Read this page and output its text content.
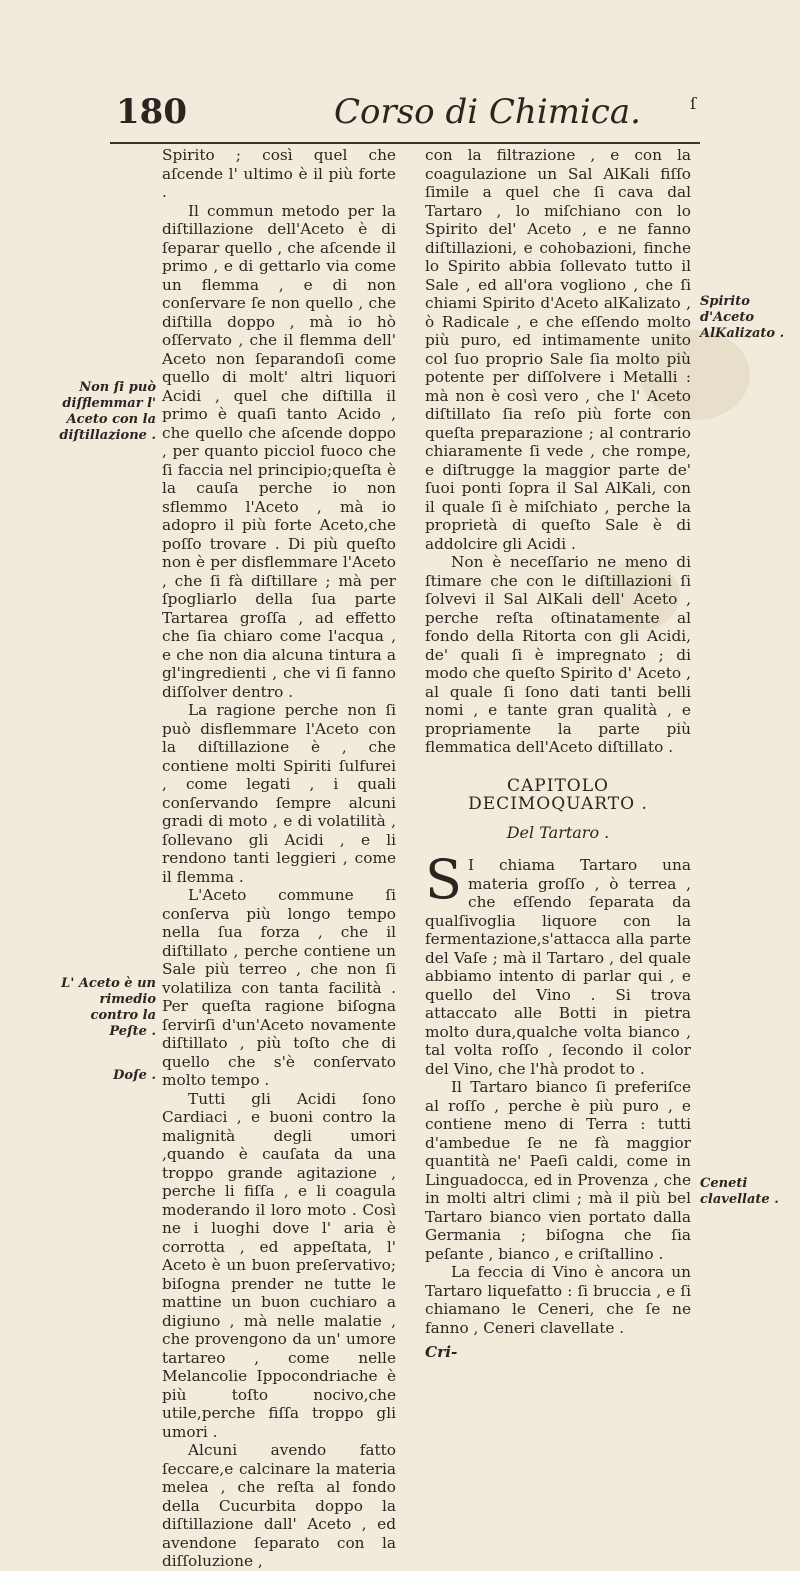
180	Corso di Chimica.	ſ

Spirito ; così quel che aſcende l' ultimo è il più forte .

Il commun metodo per la diſtillazione dell'Aceto è di ſeparar quello , che aſcende il primo , e di gettarlo via come un flemma , e di non conſervare ſe non quello , che diſtilla doppo , mà io hò oſſervato , che il flemma dell' Aceto non ſeparandoſi come quello di molt' altri liquori Acidi , quel che diſtilla il primo è quaſi tanto Acido , che quello che aſcende doppo , per quanto picciol fuoco che ſi faccia nel principio;queſta è la cauſa perche io non sflemmo l'Aceto , mà io adopro il più forte Aceto,che poſſo trovare . Di più queſto non è per disflemmare l'Aceto , che ſi fà diſtillare ; mà per ſpogliarlo della ſua parte Tartarea groſſa , ad effetto che ſia chiaro come l'acqua , e che non dia alcuna tintura a gl'ingredienti , che vi ſi fanno diſſolver dentro .

La ragione perche non ſi può disflemmare l'Aceto con la diſtillazione è , che contiene molti Spiriti ſulfurei , come legati , i quali conſervando ſempre alcuni gradi di moto , e di volatilità , ſollevano gli Acidi , e li rendono tanti leggieri , come il flemma .

L'Aceto commune ſi conſerva più longo tempo nella ſua forza , che il diſtillato , perche contiene un Sale più terreo , che non ſi volatiliza con tanta facilità . Per queſta ragione biſogna ſervirſi d'un'Aceto novamente diſtillato , più toſto che di quello che s'è conſervato molto tempo .

Tutti gli Acidi ſono Cardiaci , e buoni contro la malignità degli umori ,quando è cauſata da una troppo grande agitazione , perche li fiſſa , e li coagula moderando il loro moto . Così ne i luoghi dove l' aria è corrotta , ed appeſtata, l' Aceto è un buon preſervativo; biſogna prender ne tutte le mattine un buon cuchiaro a digiuno , mà nelle malatie , che provengono da un' umore tartareo , come nelle Melancolie Ippocondriache è più toſto nocivo,che utile,perche fiſſa troppo gli umori .

Alcuni avendo fatto ſeccare,e calcinare la materia melea , che reſta al fondo della Cucurbita doppo la diſtillazione dall' Aceto , ed avendone ſeparato con la diſſoluzione ,

Non ſi può diſflemmar l' Aceto con la diſtillazione .
L' Aceto è un rimedio contro la Peſte .
Doſe .

con la filtrazione , e con la coagulazione un Sal AlKali fiſſo ſimile a quel che ſi cava dal Tartaro , lo miſchiano con lo Spirito del' Aceto , e ne fanno diſtillazioni, e cohobazioni, finche lo Spirito abbia ſollevato tutto il Sale , ed all'ora vogliono , che ſi chiami Spirito d'Aceto alKalizato , ò Radicale , e che eſſendo molto più puro, ed intimamente unito col ſuo proprio Sale ſia molto più potente per diſſolvere i Metalli : mà non è così vero , che l' Aceto diſtillato ſia reſo più forte con queſta preparazione ; al contrario chiaramente ſi vede , che rompe, e diſtrugge la maggior parte de' ſuoi ponti ſopra il Sal AlKali, con il quale ſi è miſchiato , perche la proprietà di queſto Sale è di addolcire gli Acidi .

Non è neceſſario ne meno di ſtimare che con le diſtillazioni ſi ſolvevi il Sal AlKali dell' Aceto , perche reſta oſtinatamente al fondo della Ritorta con gli Acidi, de' quali ſi è impregnato ; di modo che queſto Spirito d' Aceto , al quale ſi ſono dati tanti belli nomi , e tante gran qualità , e propriamente la parte più flemmatica dell'Aceto diſtillato .

CAPITOLO DECIMOQUARTO .
Del Tartaro .

S I chiama Tartaro una materia groſſo , ò terrea , che eſſendo ſeparata da qualſivoglia liquore con la fermentazione,s'attacca alla parte del Vaſe ; mà il Tartaro , del quale abbiamo intento di parlar qui , e quello del Vino . Si trova attaccato alle Botti in pietra molto dura,qualche volta bianco , tal volta roſſo , ſecondo il color del Vino, che l'hà prodot to .

Il Tartaro bianco ſi preferiſce al roſſo , perche è più puro , e contiene meno di Terra : tutti d'ambedue ſe ne fà maggior quantità ne' Paeſi caldi, come in Linguadocca, ed in Provenza , che in molti altri climi ; mà il più bel Tartaro bianco vien portato dalla Germania ; biſogna che ſia peſante , bianco , e criſtallino .

La feccia di Vino è ancora un Tartaro liquefatto : ſi bruccia , e ſi chiamano le Ceneri, che ſe ne fanno , Ceneri clavellate .

Cri-

Spirito d'Aceto AlKalizato .
Ceneti clavellate .
